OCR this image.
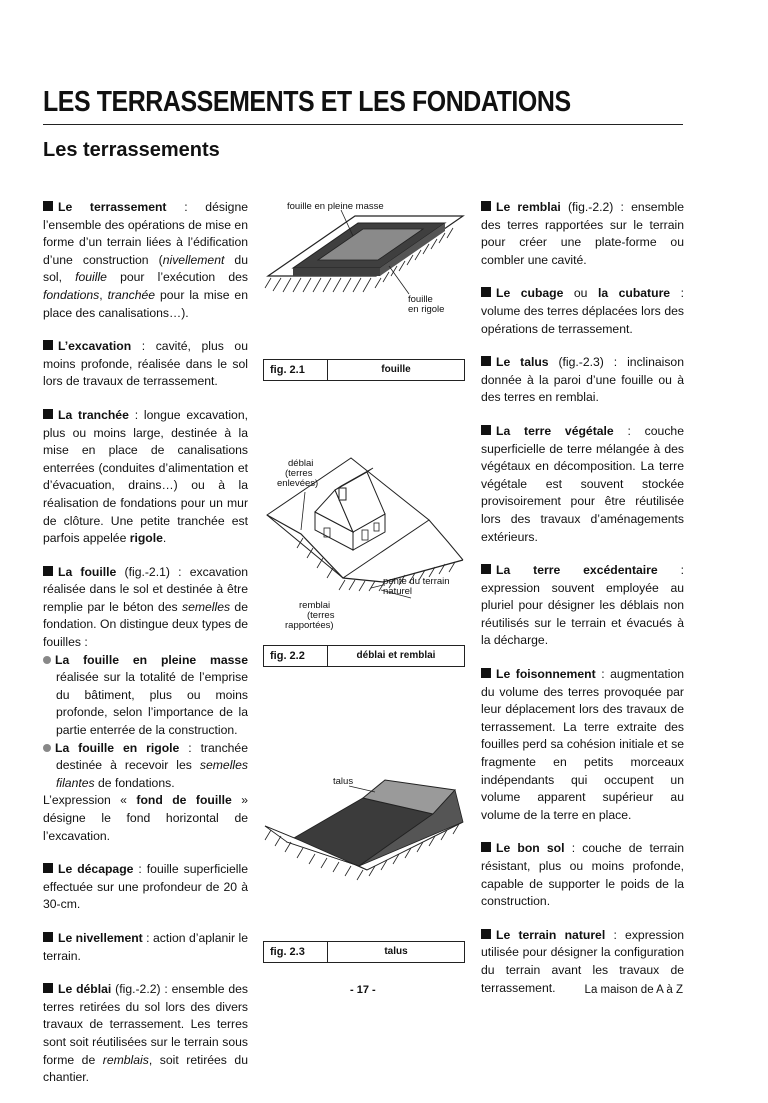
LES TERRASSEMENTS ET LES FONDATIONS
Les terrassements

Le terrassement : désigne l’ensemble des opérations de mise en forme d’un terrain liées à l’édification d’une construction (nivellement du sol, fouille pour l’exécution des fondations, tranchée pour la mise en place des canalisations…).

L’excavation : cavité, plus ou moins profonde, réalisée dans le sol lors de travaux de terrassement.

La tranchée : longue excavation, plus ou moins large, destinée à la mise en place de canalisations enterrées (conduites d’alimentation et d’évacuation, drains…) ou à la réalisation de fondations pour un mur de clôture. Une petite tranchée est parfois appelée rigole.

La fouille (fig.-2.1) : excavation réalisée dans le sol et destinée à être remplie par le béton des semelles de fondation. On distingue deux types de fouilles :

La fouille en pleine masse réalisée sur la totalité de l’emprise du bâtiment, plus ou moins profonde, selon l’importance de la partie enterrée de la construction.

La fouille en rigole : tranchée destinée à recevoir les semelles filantes de fondations.

L’expression « fond de fouille » désigne le fond horizontal de l’excavation.

Le décapage : fouille superficielle effectuée sur une profondeur de 20 à 30-cm.

Le nivellement : action d’aplanir le terrain.

Le déblai (fig.-2.2) : ensemble des terres retirées du sol lors des divers travaux de terrassement. Les terres sont soit réutilisées sur le terrain sous forme de remblais, soit retirées du chantier.

fouille en pleine masse
fouille
en rigole
fig. 2.1	fouille
déblai
(terres
enlevées)
pente du terrain
naturel
remblai
(terres
rapportées)
fig. 2.2	déblai et remblai
talus
fig. 2.3	talus

Le remblai (fig.-2.2) : ensemble des terres rapportées sur le terrain pour créer une plate-forme ou combler une cavité.

Le cubage ou la cubature : volume des terres déplacées lors des opérations de terrassement.

Le talus (fig.-2.3) : inclinaison donnée à la paroi d’une fouille ou à des terres en remblai.

La terre végétale : couche superficielle de terre mélangée à des végétaux en décomposition. La terre végétale est souvent stockée provisoirement pour être réutilisée lors des travaux d’aménagements extérieurs.

La terre excédentaire : expression souvent employée au pluriel pour désigner les déblais non réutilisés sur le terrain et évacués à la décharge.

Le foisonnement : augmentation du volume des terres provoquée par leur déplacement lors des travaux de terrassement. La terre extraite des fouilles perd sa cohésion initiale et se fragmente en petits morceaux indépendants qui occupent un volume apparent supérieur au volume de la terre en place.

Le bon sol : couche de terrain résistant, plus ou moins profonde, capable de supporter le poids de la construction.

Le terrain naturel : expression utilisée pour désigner la configuration du terrain avant les travaux de terrassement.

- 17 -	La maison de A à Z
